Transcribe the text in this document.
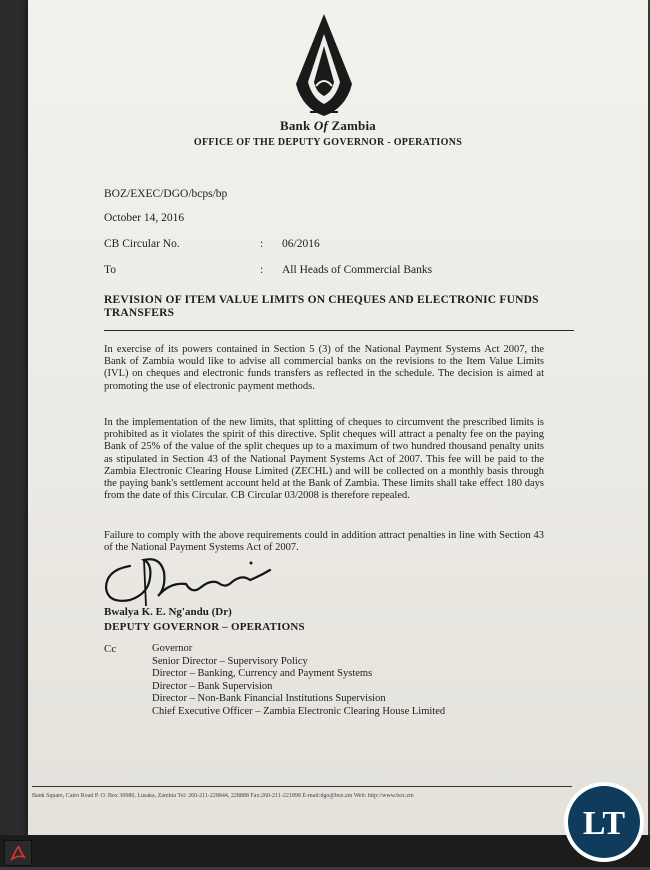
Bank Of Zambia
OFFICE OF THE DEPUTY GOVERNOR - OPERATIONS
BOZ/EXEC/DGO/bcps/bp
October 14, 2016
CB Circular No.	: 06/2016
To	: All Heads of Commercial Banks
REVISION OF ITEM VALUE LIMITS ON CHEQUES AND ELECTRONIC FUNDS TRANSFERS
In exercise of its powers contained in Section 5 (3) of the National Payment Systems Act 2007, the Bank of Zambia would like to advise all commercial banks on the revisions to the Item Value Limits (IVL) on cheques and electronic funds transfers as reflected in the schedule. The decision is aimed at promoting the use of electronic payment methods.
In the implementation of the new limits, that splitting of cheques to circumvent the prescribed limits is prohibited as it violates the spirit of this directive. Split cheques will attract a penalty fee on the paying Bank of 25% of the value of the split cheques up to a maximum of two hundred thousand penalty units as stipulated in Section 43 of the National Payment Systems Act of 2007. This fee will be paid to the Zambia Electronic Clearing House Limited (ZECHL) and will be collected on a monthly basis through the paying bank's settlement account held at the Bank of Zambia. These limits shall take effect 180 days from the date of this Circular. CB Circular 03/2008 is therefore repealed.
Failure to comply with the above requirements could in addition attract penalties in line with Section 43 of the National Payment Systems Act of 2007.
Bwalya K. E. Ng'andu (Dr)
DEPUTY GOVERNOR – OPERATIONS
Cc	Governor
Senior Director – Supervisory Policy
Director – Banking, Currency and Payment Systems
Director – Bank Supervision
Director – Non-Bank Financial Institutions Supervision
Chief Executive Officer – Zambia Electronic Clearing House Limited
Bank Square, Cairo Road P. O. Box 30080, Lusaka, Zambia Tel: 260-211-228844, 228888 Fax:260-211-221898 E-mail:dgo@boz.zm Web: http://www.boz.zm
LT
